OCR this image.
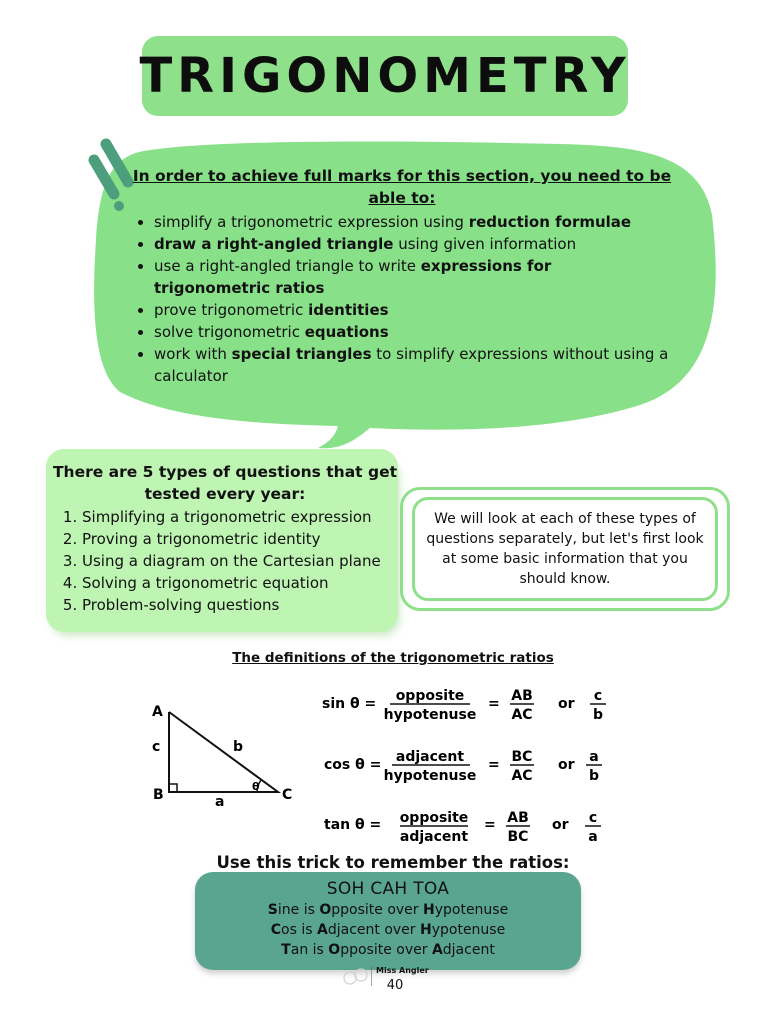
TRIGONOMETRY
In order to achieve full marks for this section, you need to be able to:
• simplify a trigonometric expression using reduction formulae
• draw a right-angled triangle using given information
• use a right-angled triangle to write expressions for trigonometric ratios
• prove trigonometric identities
• solve trigonometric equations
• work with special triangles to simplify expressions without using a calculator
There are 5 types of questions that get tested every year:
1. Simplifying a trigonometric expression
2. Proving a trigonometric identity
3. Using a diagram on the Cartesian plane
4. Solving a trigonometric equation
5. Problem-solving questions
We will look at each of these types of questions separately, but let's first look at some basic information that you should know.
The definitions of the trigonometric ratios
A
c
B
b
a
θ
C
sin θ = opposite
hypotenuse
= AB
AC
or c
b
cos θ = adjacent
hypotenuse
= BC
AC
or a
b
tan θ = opposite
adjacent
= AB
BC
or c
a
Use this trick to remember the ratios:
SOH CAH TOA
Sine is Opposite over Hypotenuse
Cos is Adjacent over Hypotenuse
Tan is Opposite over Adjacent
Miss Angler
40
